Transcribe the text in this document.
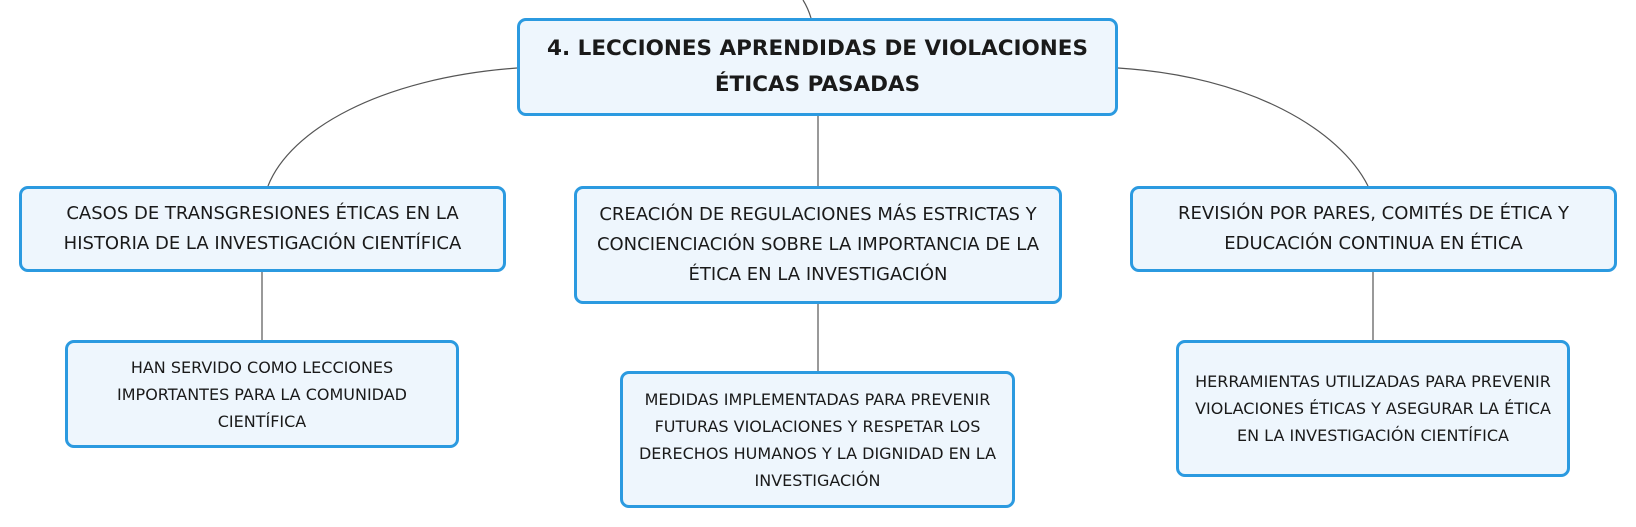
4. LECCIONES APRENDIDAS DE VIOLACIONES ÉTICAS PASADAS
CASOS DE TRANSGRESIONES ÉTICAS EN LA HISTORIA DE LA INVESTIGACIÓN CIENTÍFICA
CREACIÓN DE REGULACIONES MÁS ESTRICTAS Y CONCIENCIACIÓN SOBRE LA IMPORTANCIA DE LA ÉTICA EN LA INVESTIGACIÓN
REVISIÓN POR PARES, COMITÉS DE ÉTICA Y EDUCACIÓN CONTINUA EN ÉTICA
HAN SERVIDO COMO LECCIONES IMPORTANTES PARA LA COMUNIDAD CIENTÍFICA
MEDIDAS IMPLEMENTADAS PARA PREVENIR FUTURAS VIOLACIONES Y RESPETAR LOS DERECHOS HUMANOS Y LA DIGNIDAD EN LA INVESTIGACIÓN
HERRAMIENTAS UTILIZADAS PARA PREVENIR VIOLACIONES ÉTICAS Y ASEGURAR LA ÉTICA EN LA INVESTIGACIÓN CIENTÍFICA
